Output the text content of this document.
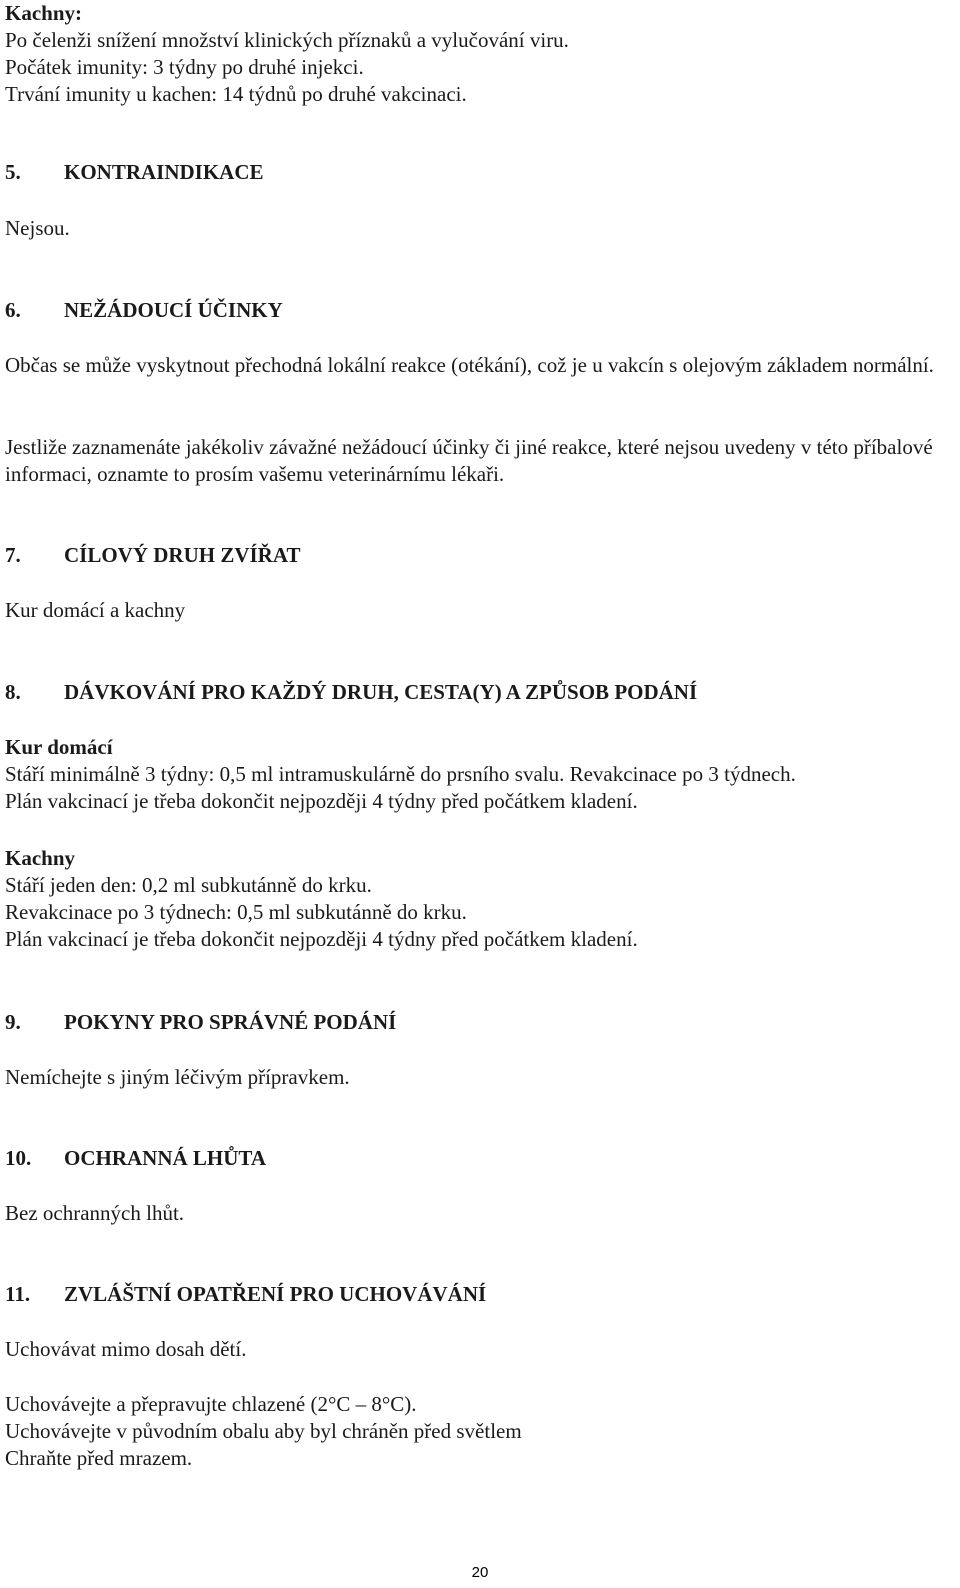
Kachny:
Po čelenži snížení množství klinických příznaků a vylučování viru.
Počátek imunity: 3 týdny po druhé injekci.
Trvání imunity u kachen: 14 týdnů po druhé vakcinaci.
5. KONTRAINDIKACE
Nejsou.
6. NEŽÁDOUCÍ ÚČINKY
Občas se může vyskytnout přechodná lokální reakce (otékání), což je u vakcín s olejovým základem normální.
Jestliže zaznamenáte jakékoliv závažné nežádoucí účinky či jiné reakce, které nejsou uvedeny v této příbalové informaci, oznamte to prosím vašemu veterinárnímu lékaři.
7. CÍLOVÝ DRUH ZVÍŘAT
Kur domácí a kachny
8. DÁVKOVÁNÍ PRO KAŽDÝ DRUH, CESTA(Y) A ZPŮSOB PODÁNÍ
Kur domácí
Stáří minimálně 3 týdny: 0,5 ml intramuskulárně do prsního svalu. Revakcinace po 3 týdnech.
Plán vakcinací je třeba dokončit nejpozději 4 týdny před počátkem kladení.
Kachny
Stáří jeden den: 0,2 ml subkutánně do krku.
Revakcinace po 3 týdnech: 0,5 ml subkutánně do krku.
Plán vakcinací je třeba dokončit nejpozději 4 týdny před počátkem kladení.
9. POKYNY PRO SPRÁVNÉ PODÁNÍ
Nemíchejte s jiným léčivým přípravkem.
10. OCHRANNÁ LHŮTA
Bez ochranných lhůt.
11. ZVLÁŠTNÍ OPATŘENÍ PRO UCHOVÁVÁNÍ
Uchovávat mimo dosah dětí.
Uchovávejte a přepravujte chlazené (2°C – 8°C).
Uchovávejte v původním obalu aby byl chráněn před světlem
Chraňte před mrazem.
20
